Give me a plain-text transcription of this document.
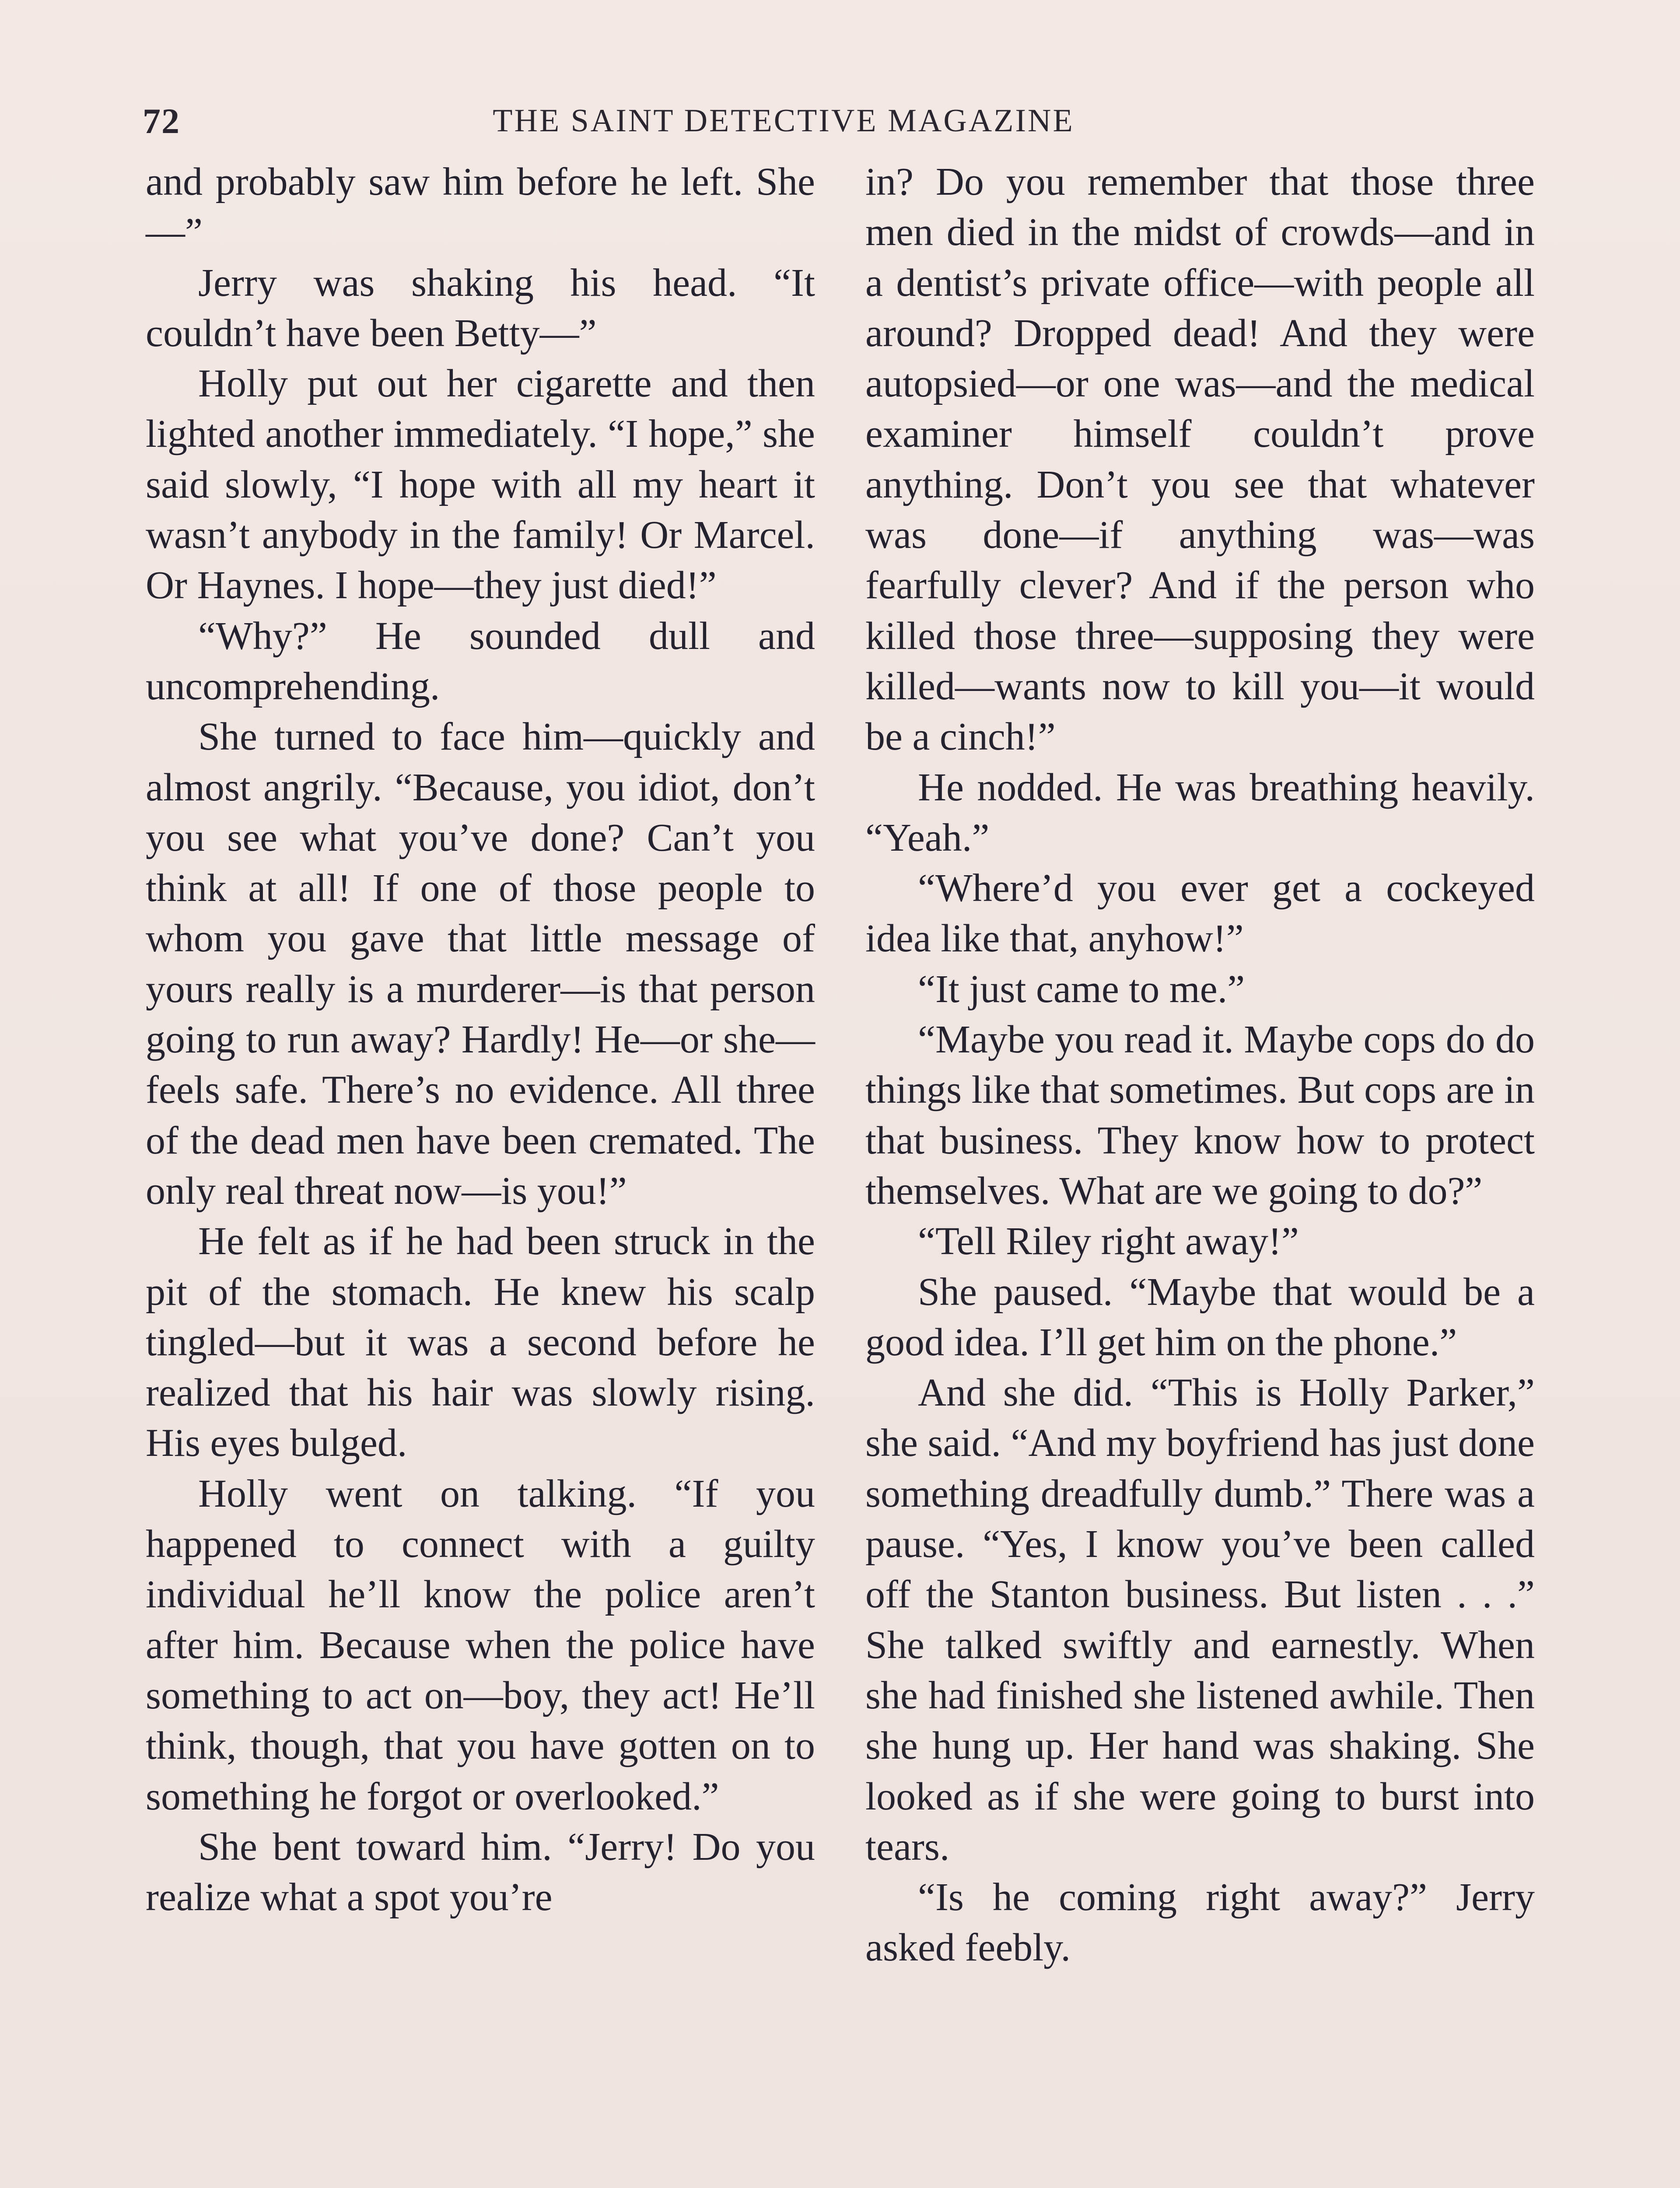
72	THE SAINT DETECTIVE MAGAZINE

and probably saw him before he left. She—”

Jerry was shaking his head. “It couldn’t have been Betty—”

Holly put out her cigarette and then lighted another immediately. “I hope,” she said slowly, “I hope with all my heart it wasn’t anybody in the family! Or Marcel. Or Haynes. I hope—they just died!”

“Why?” He sounded dull and uncomprehending.

She turned to face him—quickly and almost angrily. “Because, you idiot, don’t you see what you’ve done? Can’t you think at all! If one of those people to whom you gave that little message of yours really is a murderer—is that person going to run away? Hardly! He—or she—feels safe. There’s no evidence. All three of the dead men have been cremated. The only real threat now—is you!”

He felt as if he had been struck in the pit of the stomach. He knew his scalp tingled—but it was a second before he realized that his hair was slowly rising. His eyes bulged.

Holly went on talking. “If you happened to connect with a guilty individual he’ll know the police aren’t after him. Because when the police have something to act on—boy, they act! He’ll think, though, that you have gotten on to something he forgot or overlooked.”

She bent toward him. “Jerry! Do you realize what a spot you’re

in? Do you remember that those three men died in the midst of crowds—and in a dentist’s private office—with people all around? Dropped dead! And they were autopsied—or one was—and the medical examiner himself couldn’t prove anything. Don’t you see that whatever was done—if anything was—was fearfully clever? And if the person who killed those three—supposing they were killed—wants now to kill you—it would be a cinch!”

He nodded. He was breathing heavily. “Yeah.”

“Where’d you ever get a cockeyed idea like that, anyhow!”

“It just came to me.”

“Maybe you read it. Maybe cops do do things like that sometimes. But cops are in that business. They know how to protect themselves. What are we going to do?”

“Tell Riley right away!”

She paused. “Maybe that would be a good idea. I’ll get him on the phone.”

And she did. “This is Holly Parker,” she said. “And my boyfriend has just done something dreadfully dumb.” There was a pause. “Yes, I know you’ve been called off the Stanton business. But listen . . .” She talked swiftly and earnestly. When she had finished she listened awhile. Then she hung up. Her hand was shaking. She looked as if she were going to burst into tears.

“Is he coming right away?” Jerry asked feebly.
